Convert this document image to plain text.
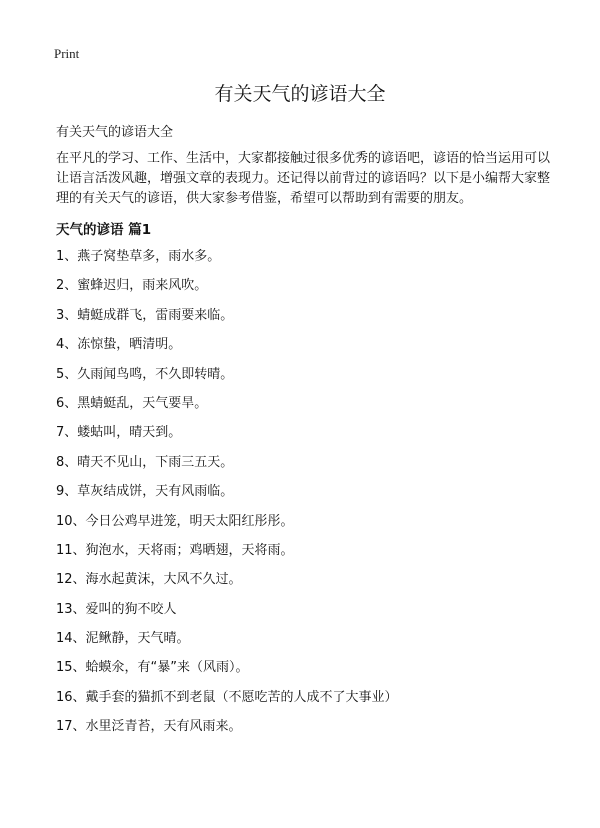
Print
有关天气的谚语大全
有关天气的谚语大全

在平凡的学习、工作、生活中，大家都接触过很多优秀的谚语吧，谚语的恰当运用可以让语言活泼风趣，增强文章的表现力。还记得以前背过的谚语吗？以下是小编帮大家整理的有关天气的谚语，供大家参考借鉴，希望可以帮助到有需要的朋友。

天气的谚语 篇1
1、燕子窝垫草多，雨水多。
2、蜜蜂迟归，雨来风吹。
3、蜻蜓成群飞，雷雨要来临。
4、冻惊蛰，晒清明。
5、久雨闻鸟鸣，不久即转晴。
6、黑蜻蜓乱，天气要旱。
7、蝼蛄叫，晴天到。
8、晴天不见山，下雨三五天。
9、草灰结成饼，天有风雨临。
10、今日公鸡早进笼，明天太阳红彤彤。
11、狗泡水，天将雨；鸡晒翅，天将雨。
12、海水起黄沫，大风不久过。
13、爱叫的狗不咬人
14、泥鳅静，天气晴。
15、蛤蟆氽，有“暴”来（风雨）。
16、戴手套的猫抓不到老鼠（不愿吃苦的人成不了大事业）
17、水里泛青苔，天有风雨来。
